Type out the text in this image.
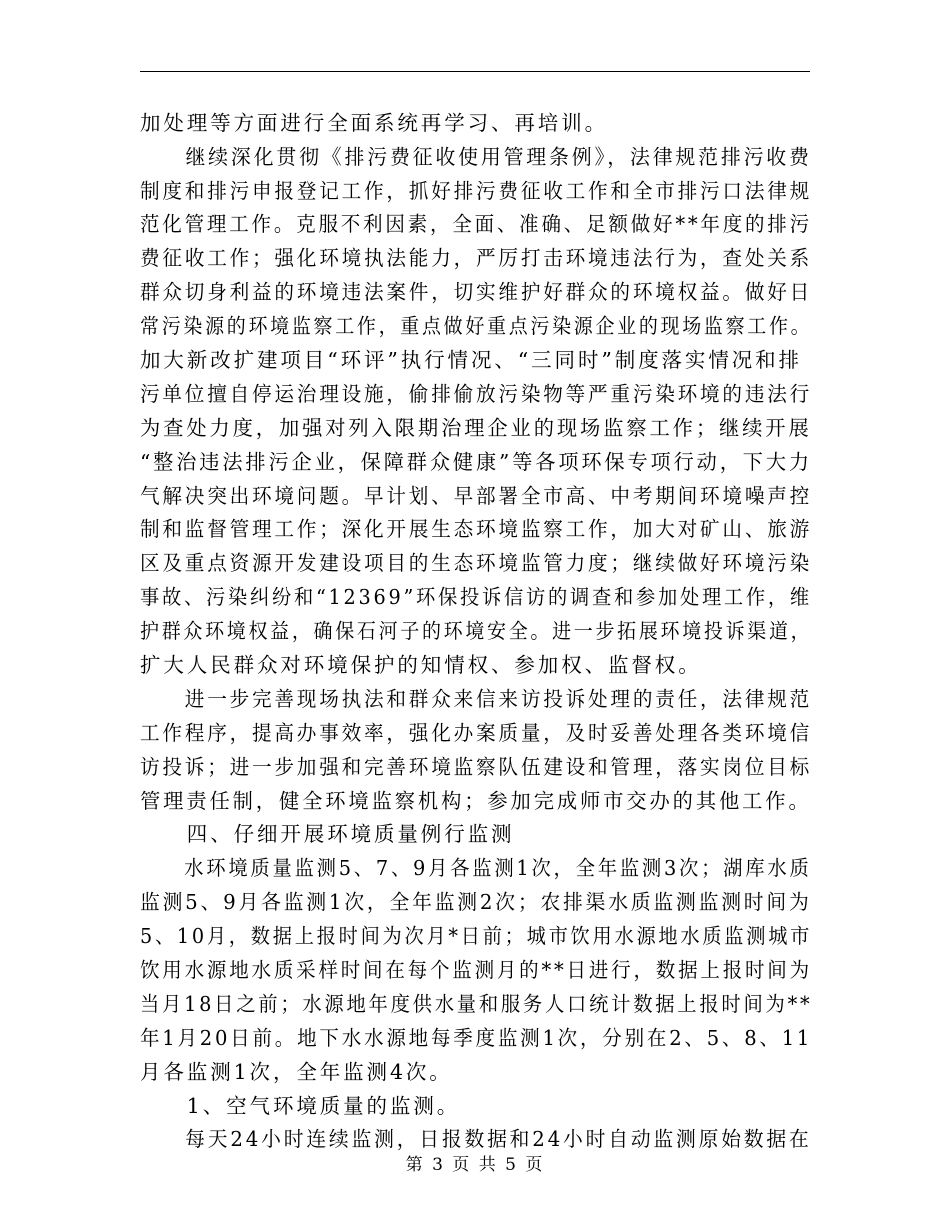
加处理等方面进行全面系统再学习、再培训。
　　继续深化贯彻《排污费征收使用管理条例》，法律规范排污收费
制度和排污申报登记工作，抓好排污费征收工作和全市排污口法律规
范化管理工作。克服不利因素，全面、准确、足额做好**年度的排污
费征收工作；强化环境执法能力，严厉打击环境违法行为，查处关系
群众切身利益的环境违法案件，切实维护好群众的环境权益。做好日
常污染源的环境监察工作，重点做好重点污染源企业的现场监察工作。
加大新改扩建项目“环评”执行情况、“三同时”制度落实情况和排
污单位擅自停运治理设施，偷排偷放污染物等严重污染环境的违法行
为查处力度，加强对列入限期治理企业的现场监察工作；继续开展
“整治违法排污企业，保障群众健康”等各项环保专项行动，下大力
气解决突出环境问题。早计划、早部署全市高、中考期间环境噪声控
制和监督管理工作；深化开展生态环境监察工作，加大对矿山、旅游
区及重点资源开发建设项目的生态环境监管力度；继续做好环境污染
事故、污染纠纷和“12369”环保投诉信访的调查和参加处理工作，维
护群众环境权益，确保石河子的环境安全。进一步拓展环境投诉渠道，
扩大人民群众对环境保护的知情权、参加权、监督权。
　　进一步完善现场执法和群众来信来访投诉处理的责任，法律规范
工作程序，提高办事效率，强化办案质量，及时妥善处理各类环境信
访投诉；进一步加强和完善环境监察队伍建设和管理，落实岗位目标
管理责任制，健全环境监察机构；参加完成师市交办的其他工作。
　　四、仔细开展环境质量例行监测
　　水环境质量监测5、7、9月各监测1次，全年监测3次；湖库水质
监测5、9月各监测1次，全年监测2次；农排渠水质监测监测时间为
5、10月，数据上报时间为次月*日前；城市饮用水源地水质监测城市
饮用水源地水质采样时间在每个监测月的**日进行，数据上报时间为
当月18日之前；水源地年度供水量和服务人口统计数据上报时间为**
年1月20日前。地下水水源地每季度监测1次，分别在2、5、8、11
月各监测1次，全年监测4次。
　　1、空气环境质量的监测。
　　每天24小时连续监测，日报数据和24小时自动监测原始数据在
第 3 页 共 5 页
